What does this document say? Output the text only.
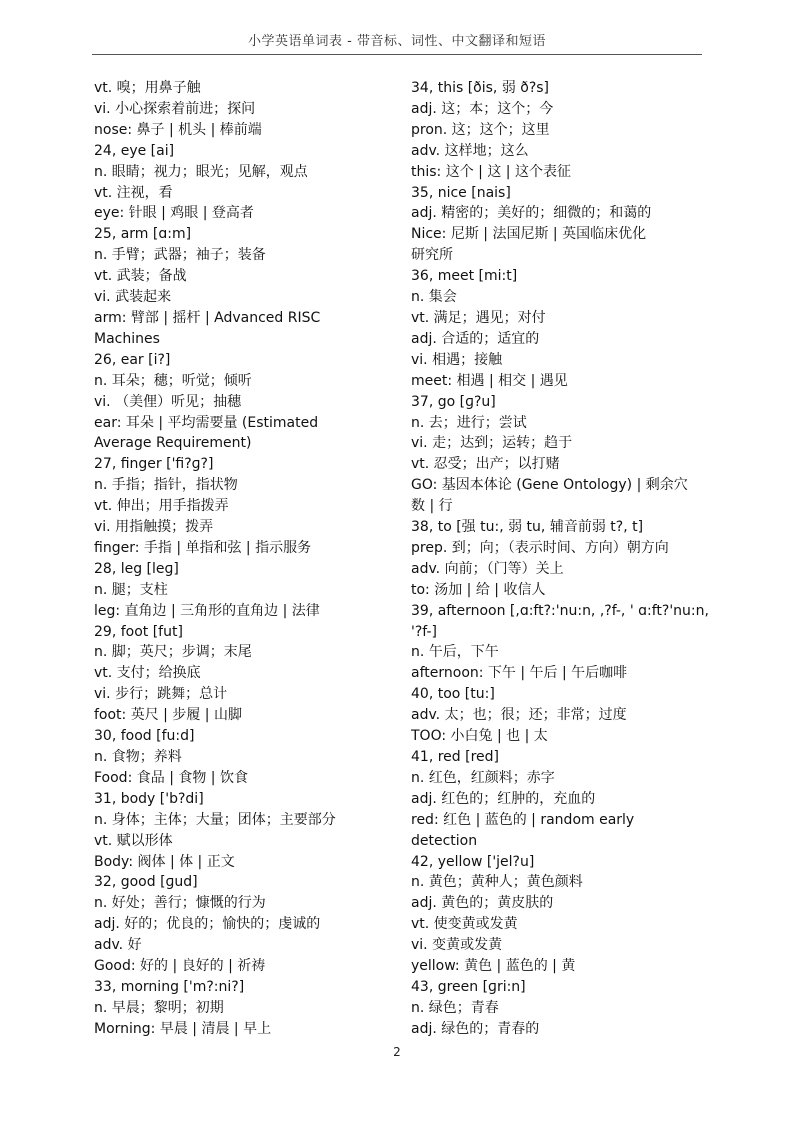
小学英语单词表 - 带音标、词性、中文翻译和短语
vt. 嗅；用鼻子触
vi. 小心探索着前进；探问
nose: 鼻子 | 机头 | 棒前端
24, eye [ai]
n. 眼睛；视力；眼光；见解，观点
vt. 注视，看
eye: 针眼 | 鸡眼 | 登高者
25, arm [ɑ:m]
n. 手臂；武器；袖子；装备
vt. 武装；备战
vi. 武装起来
arm: 臂部 | 摇杆 | Advanced RISC
Machines
26, ear [i?]
n. 耳朵；穗；听觉；倾听
vi. （美俚）听见；抽穗
ear: 耳朵 | 平均需要量 (Estimated
Average Requirement)
27, finger ['fi?ɡ?]
n. 手指；指针，指状物
vt. 伸出；用手指拨弄
vi. 用指触摸；拨弄
finger: 手指 | 单指和弦 | 指示服务
28, leg [leɡ]
n. 腿；支柱
leg: 直角边 | 三角形的直角边 | 法律
29, foot [fut]
n. 脚；英尺；步调；末尾
vt. 支付；给换底
vi. 步行；跳舞；总计
foot: 英尺 | 步履 | 山脚
30, food [fu:d]
n. 食物；养料
Food: 食品 | 食物 | 饮食
31, body ['b?di]
n. 身体；主体；大量；团体；主要部分
vt. 赋以形体
Body: 阀体 | 体 | 正文
32, good [ɡud]
n. 好处；善行；慷慨的行为
adj. 好的；优良的；愉快的；虔诚的
adv. 好
Good: 好的 | 良好的 | 祈祷
33, morning ['m?:ni?]
n. 早晨；黎明；初期
Morning: 早晨 | 清晨 | 早上
34, this [ðis, 弱 ð?s]
adj. 这；本；这个；今
pron. 这；这个；这里
adv. 这样地；这么
this: 这个 | 这 | 这个表征
35, nice [nais]
adj. 精密的；美好的；细微的；和蔼的
Nice: 尼斯 | 法国尼斯 | 英国临床优化
研究所
36, meet [mi:t]
n. 集会
vt. 满足；遇见；对付
adj. 合适的；适宜的
vi. 相遇；接触
meet: 相遇 | 相交 | 遇见
37, go [ɡ?u]
n. 去；进行；尝试
vi. 走；达到；运转；趋于
vt. 忍受；出产；以打赌
GO: 基因本体论 (Gene Ontology) | 剩余穴
数 | 行
38, to [强 tu:, 弱 tu, 辅音前弱 t?, t]
prep. 到；向；（表示时间、方向）朝方向
adv. 向前；（门等）关上
to: 汤加 | 给 | 收信人
39, afternoon [,ɑ:ft?:'nu:n, ,?f-, ' ɑ:ft?'nu:n,
'?f-]
n. 午后，下午
afternoon: 下午 | 午后 | 午后咖啡
40, too [tu:]
adv. 太；也；很；还；非常；过度
TOO: 小白兔 | 也 | 太
41, red [red]
n. 红色，红颜料；赤字
adj. 红色的；红肿的，充血的
red: 红色 | 蓝色的 | random early
detection
42, yellow ['jel?u]
n. 黄色；黄种人；黄色颜料
adj. 黄色的；黄皮肤的
vt. 使变黄或发黄
vi. 变黄或发黄
yellow: 黄色 | 蓝色的 | 黄
43, green [ɡri:n]
n. 绿色；青春
adj. 绿色的；青春的
2
